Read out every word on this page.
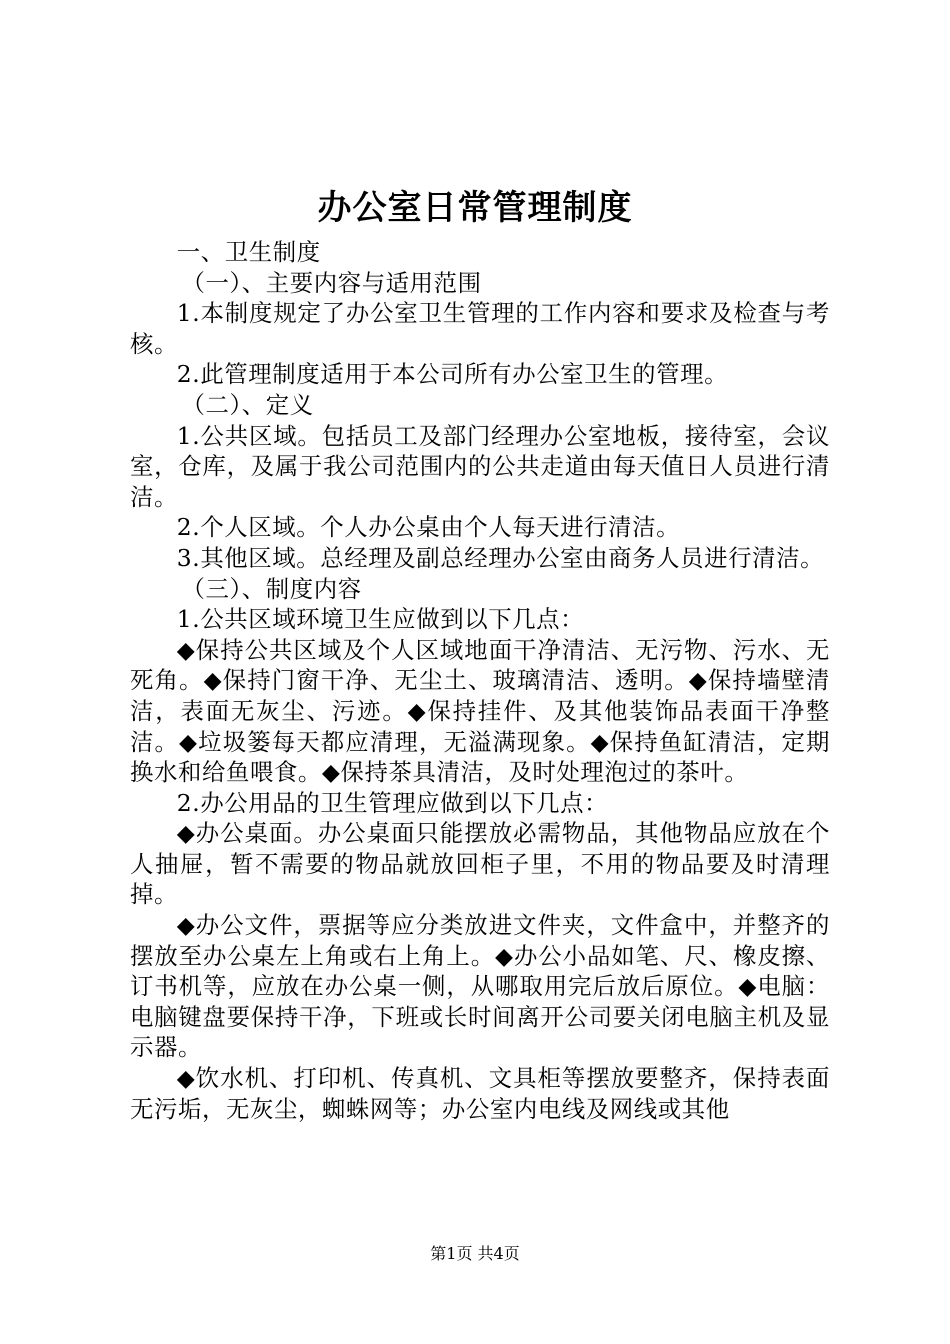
办公室日常管理制度

一、卫生制度

（一）、主要内容与适用范围

1.本制度规定了办公室卫生管理的工作内容和要求及检查与考核。

2.此管理制度适用于本公司所有办公室卫生的管理。

（二）、定义

1.公共区域。包括员工及部门经理办公室地板，接待室，会议室，仓库，及属于我公司范围内的公共走道由每天值日人员进行清洁。

2.个人区域。个人办公桌由个人每天进行清洁。

3.其他区域。总经理及副总经理办公室由商务人员进行清洁。

（三）、制度内容

1.公共区域环境卫生应做到以下几点：

◆保持公共区域及个人区域地面干净清洁、无污物、污水、无死角。◆保持门窗干净、无尘土、玻璃清洁、透明。◆保持墙壁清洁，表面无灰尘、污迹。◆保持挂件、及其他装饰品表面干净整洁。◆垃圾篓每天都应清理，无溢满现象。◆保持鱼缸清洁，定期换水和给鱼喂食。◆保持茶具清洁，及时处理泡过的茶叶。

2.办公用品的卫生管理应做到以下几点：

◆办公桌面。办公桌面只能摆放必需物品，其他物品应放在个人抽屉，暂不需要的物品就放回柜子里，不用的物品要及时清理掉。

◆办公文件，票据等应分类放进文件夹，文件盒中，并整齐的摆放至办公桌左上角或右上角上。◆办公小品如笔、尺、橡皮擦、订书机等，应放在办公桌一侧，从哪取用完后放后原位。◆电脑：电脑键盘要保持干净，下班或长时间离开公司要关闭电脑主机及显示器。

◆饮水机、打印机、传真机、文具柜等摆放要整齐，保持表面无污垢，无灰尘，蜘蛛网等；办公室内电线及网线或其他

第1页 共4页
